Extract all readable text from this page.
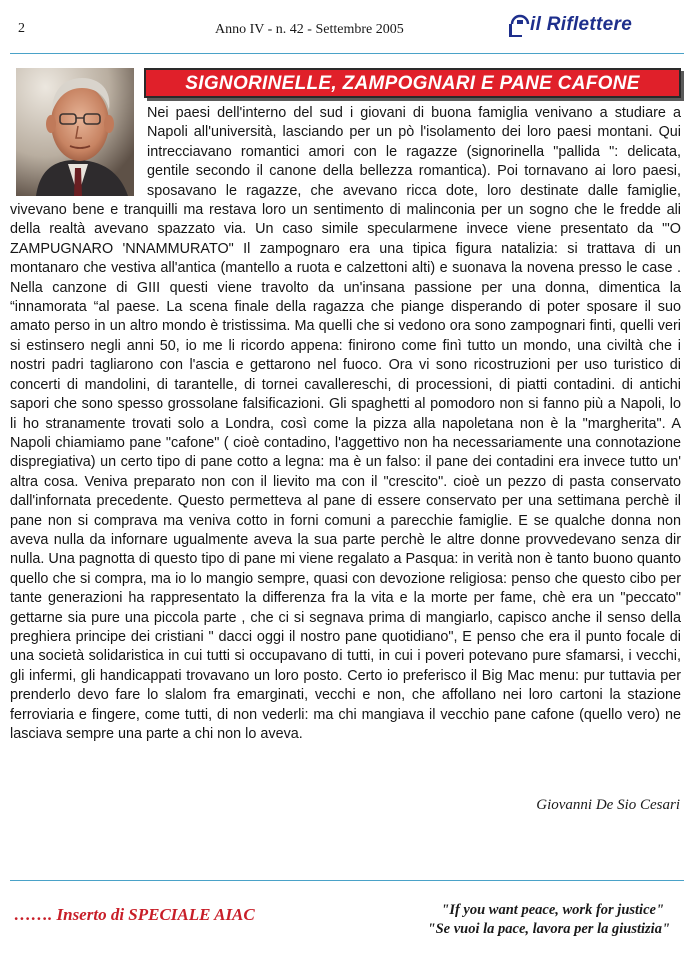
2	Anno IV - n. 42 - Settembre 2005	il Riflettere
SIGNORINELLE, ZAMPOGNARI E PANE CAFONE
Nei paesi dell'interno del sud i giovani di buona famiglia venivano a studiare a Napoli all'università, lasciando per un pò l'isolamento dei loro paesi montani. Qui intrecciavano romantici amori con le ragazze (signorinella "pallida ": delicata, gentile secondo il canone della bellezza romantica). Poi tornavano ai loro paesi, sposavano le ragazze, che avevano ricca dote, loro destinate dalle famiglie, vivevano bene e tranquilli ma restava loro un sentimento di malinconia per un sogno che le fredde ali della realtà avevano spazzato via. Un caso simile specularmene invece viene presentato da '"O ZAMPUGNARO 'NNAMMURATO" Il zampognaro era una tipica figura natalizia: si trattava di un montanaro che vestiva all'antica (mantello a ruota e calzettoni alti) e suonava la novena presso le case . Nella canzone di GIII questi viene travolto da un'insana passione per una donna, dimentica la “innamorata “al paese. La scena finale della ragazza che piange disperando di poter sposare il suo amato perso in un altro mondo è tristissima. Ma quelli che si vedono ora sono zampognari finti, quelli veri si estinsero negli anni 50, io me li ricordo appena: finirono come finì tutto un mondo, una civiltà che i nostri padri tagliarono con l'ascia e gettarono nel fuoco. Ora vi sono ricostruzioni per uso turistico di concerti di mandolini, di tarantelle, di tornei cavallereschi, di processioni, di piatti contadini. di antichi sapori che sono spesso grossolane falsificazioni. Gli spaghetti al pomodoro non si fanno più a Napoli, lo li ho stranamente trovati solo a Londra, così come la pizza alla napoletana non è la "margherita". A Napoli chiamiamo pane "cafone" ( cioè contadino, l'aggettivo non ha necessariamente una connotazione dispregiativa) un certo tipo di pane cotto a legna: ma è un falso: il pane dei contadini era invece tutto un' altra cosa. Veniva preparato non con il lievito ma con il "crescito". cioè un pezzo di pasta conservato dall'infornata precedente. Questo permetteva al pane di essere conservato per una settimana perchè il pane non si comprava ma veniva cotto in forni comuni a parecchie famiglie. E se qualche donna non aveva nulla da infornare ugualmente aveva la sua parte perchè le altre donne provvedevano senza dir nulla. Una pagnotta di questo tipo di pane mi viene regalato a Pasqua: in verità non è tanto buono quanto quello che si compra, ma io lo mangio sempre, quasi con devozione religiosa: penso che questo cibo per tante generazioni ha rappresentato la differenza fra la vita e la morte per fame, chè era un "peccato" gettarne sia pure una piccola parte , che ci si segnava prima di mangiarlo, capisco anche il senso della preghiera principe dei cristiani " dacci oggi il nostro pane quotidiano", E penso che era il punto focale di una società solidaristica in cui tutti si occupavano di tutti, in cui i poveri potevano pure sfamarsi, i vecchi, gli infermi, gli handicappati trovavano un loro posto. Certo io preferisco il Big Mac menu: pur tuttavia per prenderlo devo fare lo slalom fra emarginati, vecchi e non, che affollano nei loro cartoni la stazione ferroviaria e fingere, come tutti, di non vederli: ma chi mangiava il vecchio pane cafone (quello vero) ne lasciava sempre una parte a chi non lo aveva.
Giovanni De Sio Cesari
……. Inserto di SPECIALE AIAC	"If you want peace, work for justice"
"Se vuoi la pace, lavora per la giustizia"
